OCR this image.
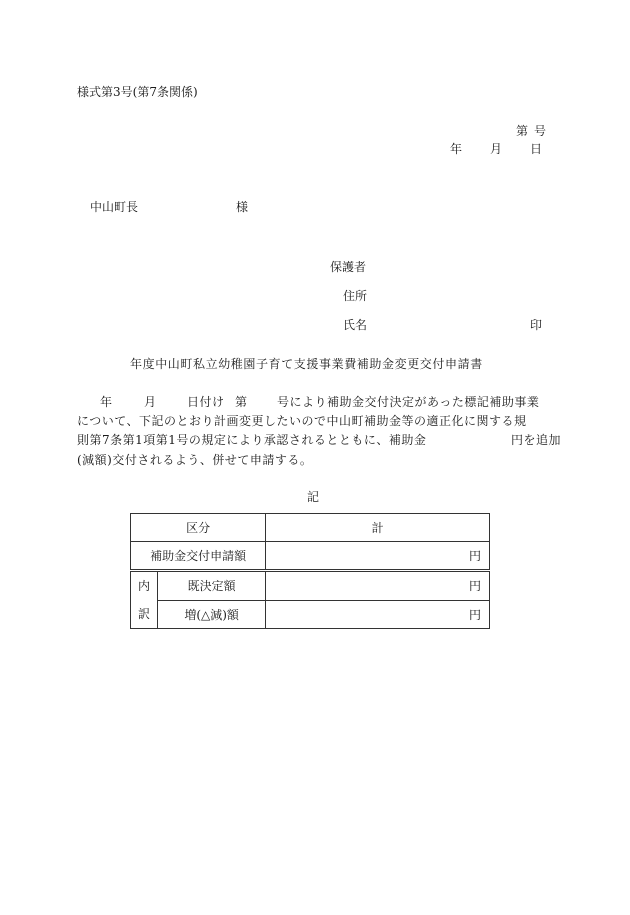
様式第3号(第7条関係)
第号
年 月 日
中山町長	様
保護者
住所
氏名	印
年度中山町私立幼稚園子育て支援事業費補助金変更交付申請書
年	月	日付け 第 号により補助金交付決定があった標記補助事業
について、下記のとおり計画変更したいので中山町補助金等の適正化に関する規
則第7条第1項第1号の規定により承認されるとともに、補助金	円を追加
(減額)交付されるよう、併せて申請する。
記
区分		計
補助金交付申請額		円

内
訳	既決定額	円
	増(△減)額	円
